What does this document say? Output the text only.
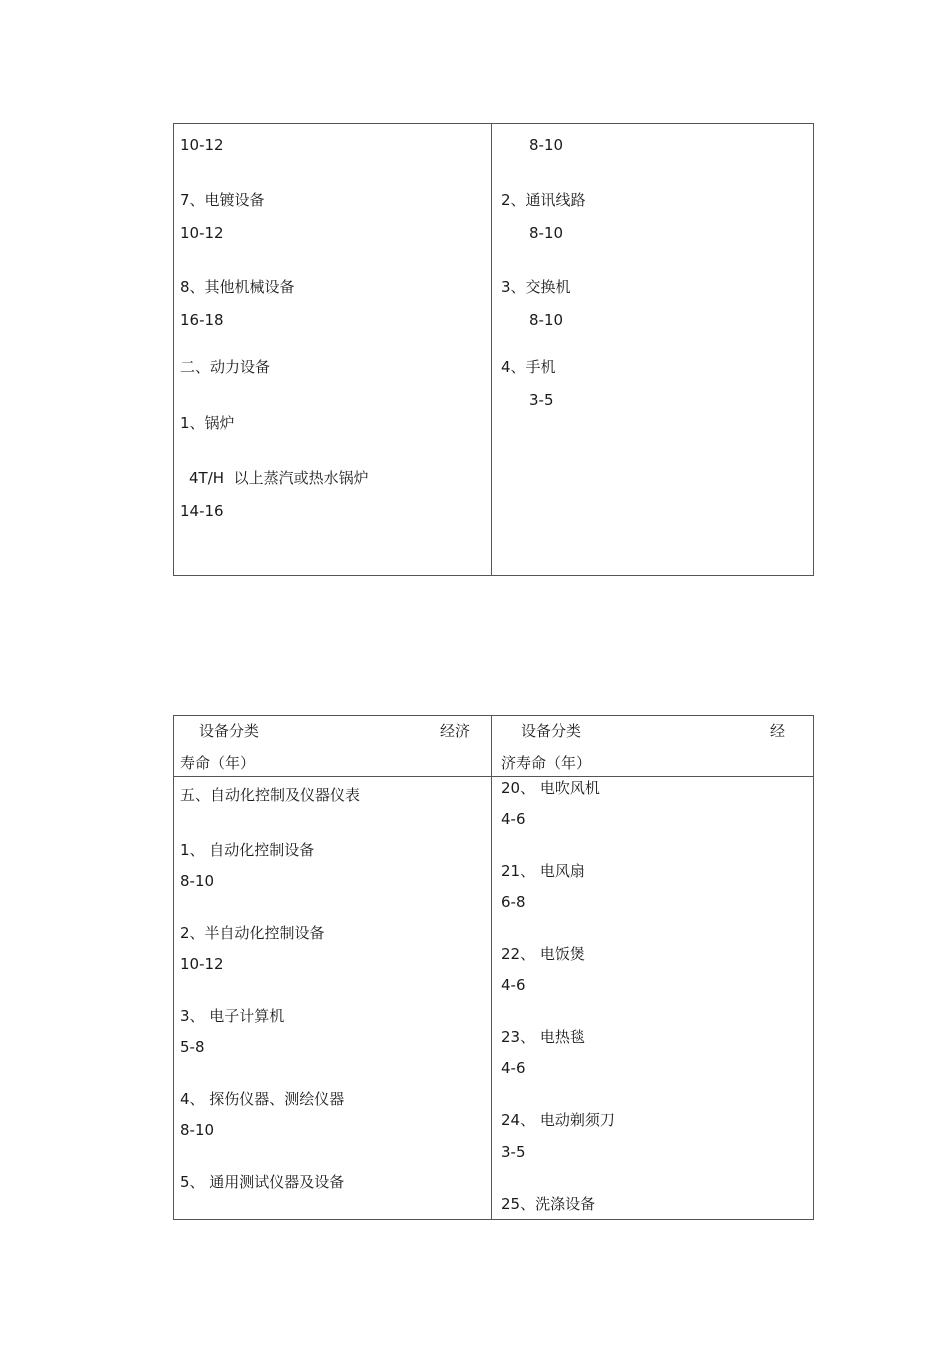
10-12
7、电镀设备
10-12
8、其他机械设备
16-18
二、动力设备
1、锅炉
4T/H  以上蒸汽或热水锅炉
14-16
8-10
2、通讯线路
8-10
3、交换机
8-10
4、手机
3-5
设备分类	经济
寿命（年）
设备分类	经
济寿命（年）
五、自动化控制及仪器仪表
1、 自动化控制设备
8-10
2、半自动化控制设备
10-12
3、 电子计算机
5-8
4、 探伤仪器、测绘仪器
8-10
5、 通用测试仪器及设备
20、 电吹风机
4-6
21、 电风扇
6-8
22、 电饭煲
4-6
23、 电热毯
4-6
24、 电动剃须刀
3-5
25、洗涤设备
